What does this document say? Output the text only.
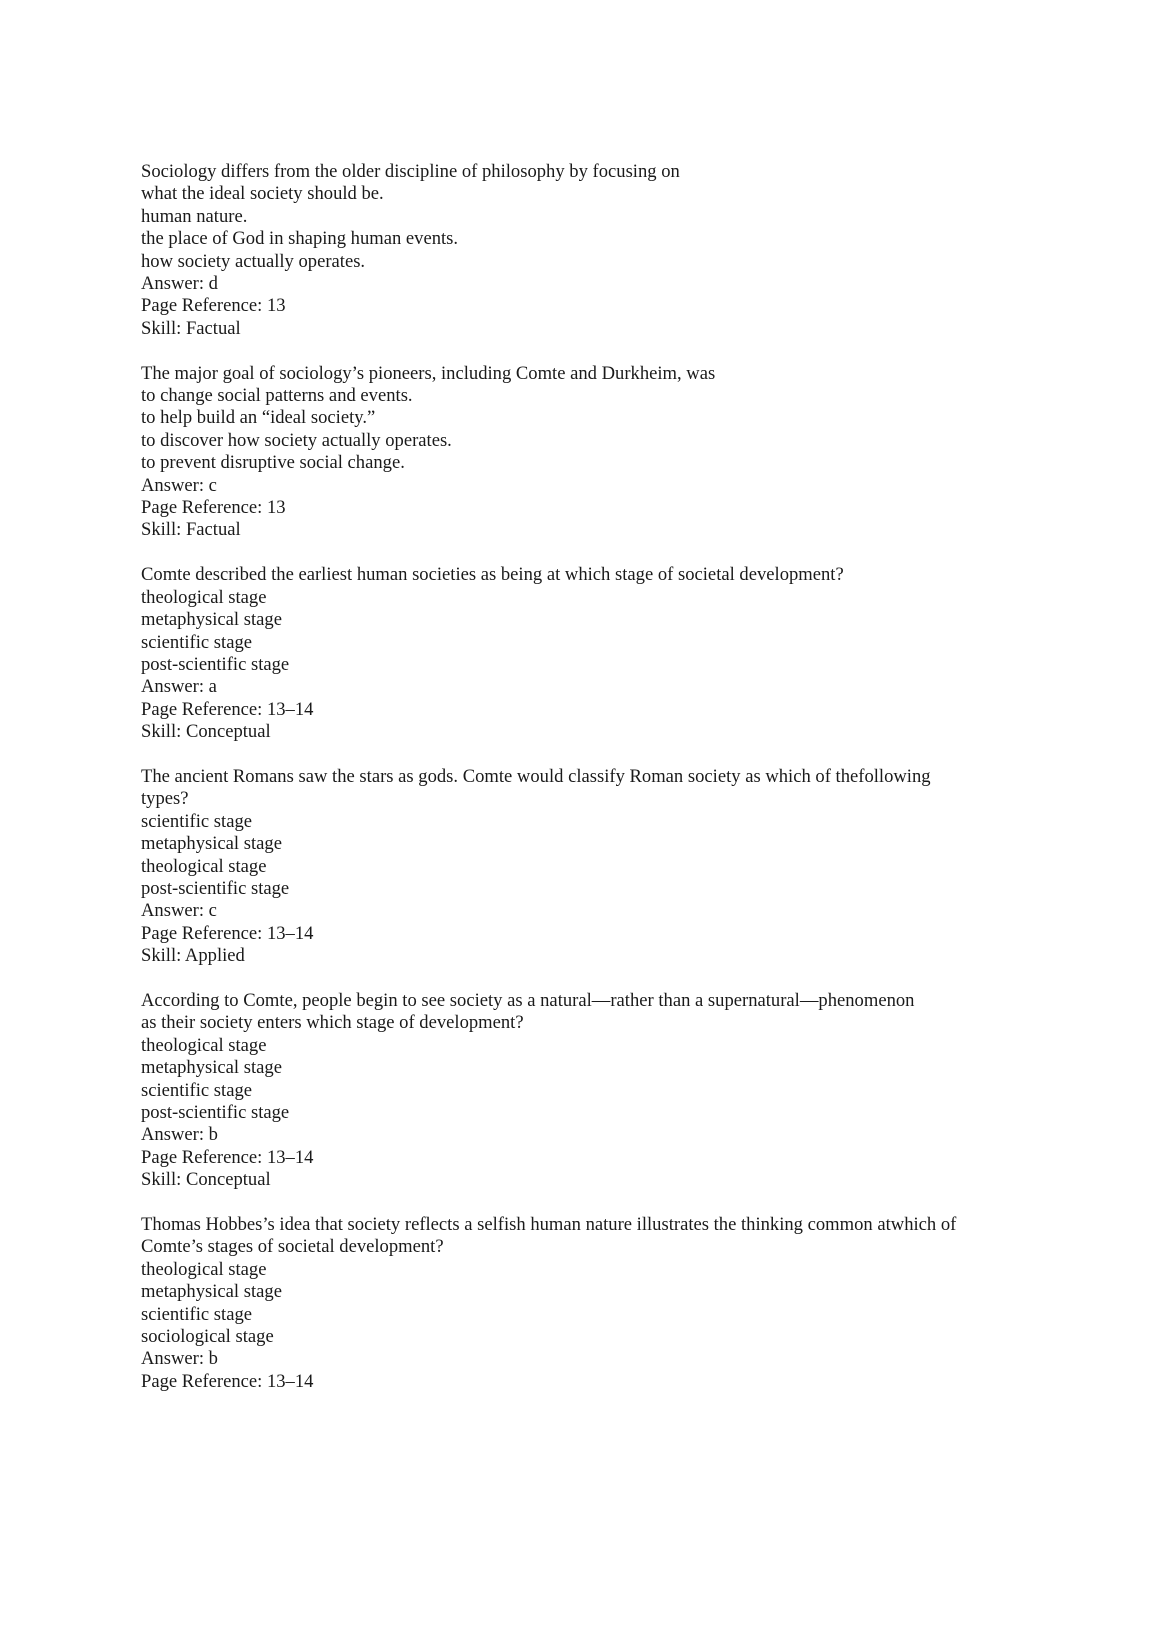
Sociology differs from the older discipline of philosophy by focusing on
what the ideal society should be.
human nature.
the place of God in shaping human events.
how society actually operates.
Answer: d
Page Reference: 13
Skill: Factual
The major goal of sociology’s pioneers, including Comte and Durkheim, was
to change social patterns and events.
to help build an “ideal society.”
to discover how society actually operates.
to prevent disruptive social change.
Answer: c
Page Reference: 13
Skill: Factual
Comte described the earliest human societies as being at which stage of societal development?
theological stage
metaphysical stage
scientific stage
post-scientific stage
Answer: a
Page Reference: 13–14
Skill: Conceptual
The ancient Romans saw the stars as gods. Comte would classify Roman society as which of thefollowing
types?
scientific stage
metaphysical stage
theological stage
post-scientific stage
Answer: c
Page Reference: 13–14
Skill: Applied
According to Comte, people begin to see society as a natural—rather than a supernatural—phenomenon
as their society enters which stage of development?
theological stage
metaphysical stage
scientific stage
post-scientific stage
Answer: b
Page Reference: 13–14
Skill: Conceptual
Thomas Hobbes’s idea that society reflects a selfish human nature illustrates the thinking common atwhich of
Comte’s stages of societal development?
theological stage
metaphysical stage
scientific stage
sociological stage
Answer: b
Page Reference: 13–14
